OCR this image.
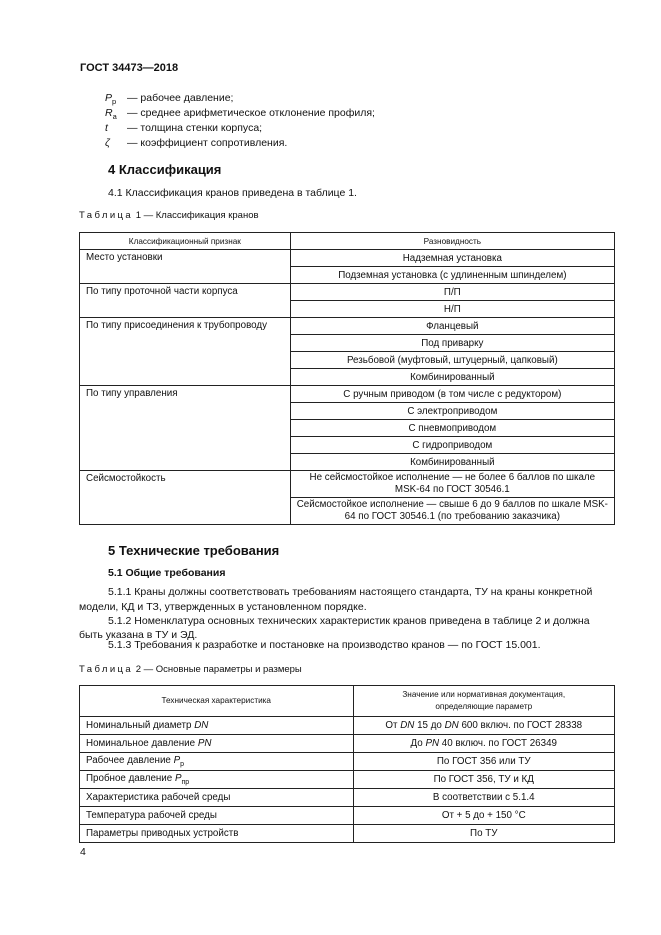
ГОСТ 34473—2018
$P_р$	— рабочее давление;
$R_a$ — среднее арифметическое отклонение профиля;
t	— толщина стенки корпуса;
ζ	— коэффициент сопротивления.
4 Классификация
4.1 Классификация кранов приведена в таблице 1.
Таблица 1 — Классификация кранов
Классификационный признак	Разновидность
Место установки	Надземная установка
	Подземная установка (с удлиненным шпинделем)
По типу проточной части корпуса	П/П
	Н/П
По типу присоединения к трубопроводу	Фланцевый
	Под приварку
	Резьбовой (муфтовый, штуцерный, цапковый)
	Комбинированный
По типу управления	С ручным приводом (в том числе с редуктором)
	С электроприводом
	С пневмоприводом
	С гидроприводом
	Комбинированный
Сейсмостойкость	Не сейсмостойкое исполнение — не более 6 баллов по шкале MSK-64 по ГОСТ 30546.1
	Сейсмостойкое исполнение — свыше 6 до 9 баллов по шкале MSK-64 по ГОСТ 30546.1 (по требованию заказчика)
5 Технические требования
5.1 Общие требования
5.1.1 Краны должны соответствовать требованиям настоящего стандарта, ТУ на краны конкретной
модели, КД и ТЗ, утвержденных в установленном порядке.
5.1.2 Номенклатура основных технических характеристик кранов приведена в таблице 2 и должна
быть указана в ТУ и ЭД.
5.1.3 Требования к разработке и постановке на производство кранов — по ГОСТ 15.001.
Таблица 2 — Основные параметры и размеры
Техническая характеристика	Значение или нормативная документация,
определяющие параметр
Номинальный диаметр DN	От DN 15 до DN 600 включ. по ГОСТ 28338
Номинальное давление PN	До PN 40 включ. по ГОСТ 26349
Рабочее давление $P_р$	По ГОСТ 356 или ТУ
Пробное давление $P_{пр}$	По ГОСТ 356, ТУ и КД
Характеристика рабочей среды	В соответствии с 5.1.4
Температура рабочей среды	От + 5 до + 150 °С
Параметры приводных устройств	По ТУ
4
